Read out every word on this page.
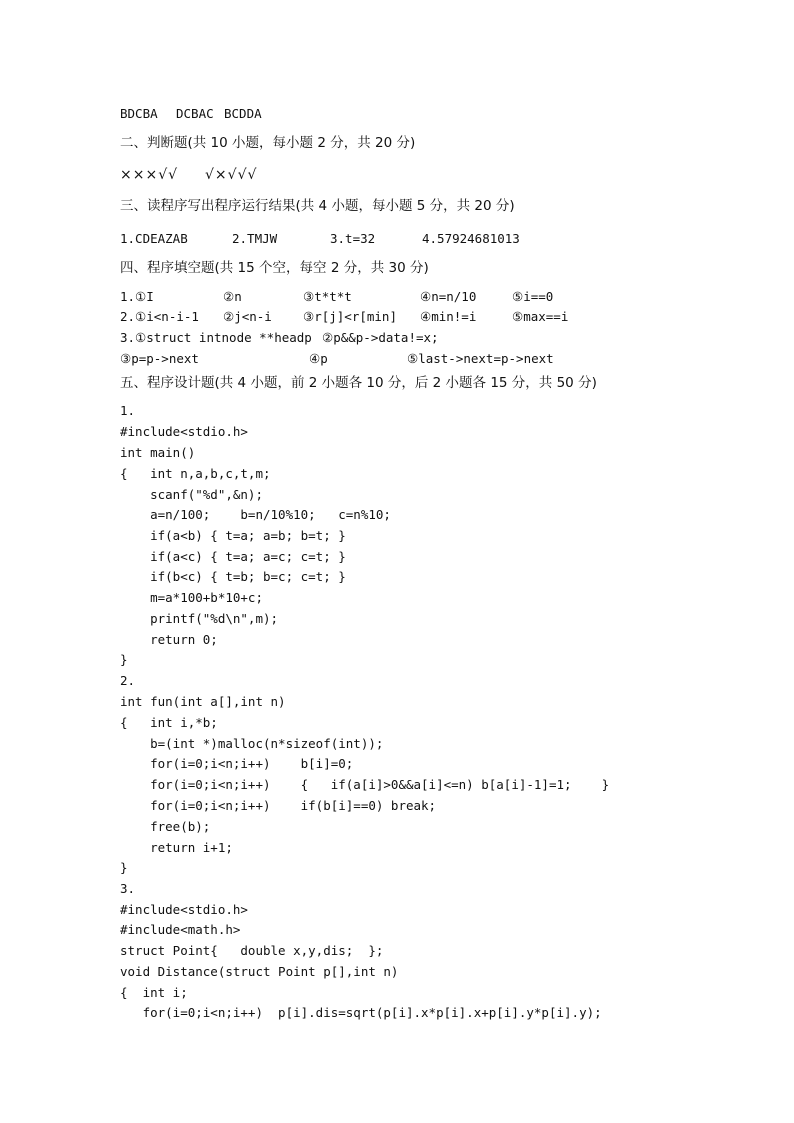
BDCBA DCBAC BCDDA
二、判断题(共 10 小题，每小题 2 分，共 20 分)
×××√√ √×√√√
三、读程序写出程序运行结果(共 4 小题，每小题 5 分，共 20 分)
1.CDEAZAB	2.TMJW	3.t=32	4.57924681013
四、程序填空题(共 15 个空，每空 2 分，共 30 分)
1.①I	②n	③t*t*t	④n=n/10	⑤i==0
2.①i<n-i-1 ②j<n-i ③r[j]<r[min] ④min!=i	⑤max==i
3.①struct intnode **headp ②p&&p->data!=x;
③p=p->next	④p	⑤last->next=p->next
五、程序设计题(共 4 小题，前 2 小题各 10 分，后 2 小题各 15 分，共 50 分)
1.
#include<stdio.h>
int main()
{   int n,a,b,c,t,m;
scanf("%d",&n);
a=n/100;    b=n/10%10;   c=n%10;
if(a<b) { t=a; a=b; b=t; }
if(a<c) { t=a; a=c; c=t; }
if(b<c) { t=b; b=c; c=t; }
m=a*100+b*10+c;
printf("%d\n",m);
return 0;
}
2.
int fun(int a[],int n)
{   int i,*b;
b=(int *)malloc(n*sizeof(int));
for(i=0;i<n;i++)    b[i]=0;
for(i=0;i<n;i++)    {   if(a[i]>0&&a[i]<=n) b[a[i]-1]=1;    }
for(i=0;i<n;i++)    if(b[i]==0) break;
free(b);
return i+1;
}
3.
#include<stdio.h>
#include<math.h>
struct Point{   double x,y,dis;  };
void Distance(struct Point p[],int n)
{  int i;
for(i=0;i<n;i++)  p[i].dis=sqrt(p[i].x*p[i].x+p[i].y*p[i].y);
